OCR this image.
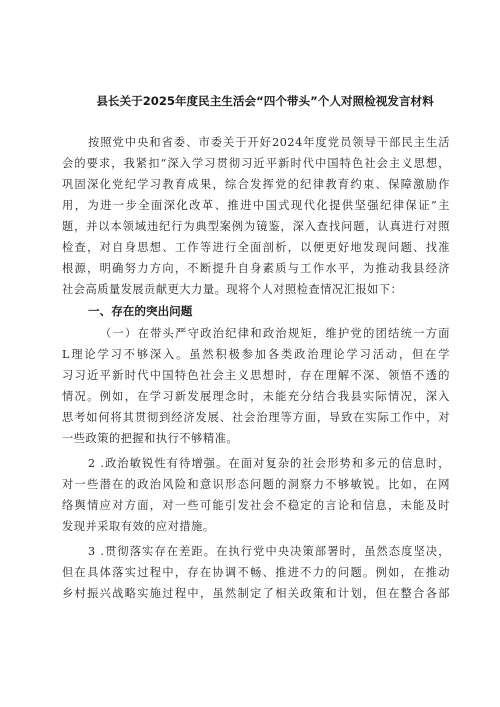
县长关于2025年度民主生活会“四个带头”个人对照检视发言材料
按照党中央和省委、市委关于开好2024年度党员领导干部民主生活
会的要求，我紧扣“深入学习贯彻习近平新时代中国特色社会主义思想，
巩固深化党纪学习教育成果，综合发挥党的纪律教育约束、保障激励作
用，为进一步全面深化改革、推进中国式现代化提供坚强纪律保证”主
题，并以本领域违纪行为典型案例为镜鉴，深入查找问题，认真进行对照
检查，对自身思想、工作等进行全面剖析，以便更好地发现问题、找准
根源，明确努力方向，不断提升自身素质与工作水平，为推动我县经济
社会高质量发展贡献更大力量。现将个人对照检查情况汇报如下：
一、存在的突出问题
（一）在带头严守政治纪律和政治规矩，维护党的团结统一方面
L理论学习不够深入。虽然积极参加各类政治理论学习活动，但在学
习习近平新时代中国特色社会主义思想时，存在理解不深、领悟不透的
情况。例如，在学习新发展理念时，未能充分结合我县实际情况，深入
思考如何将其贯彻到经济发展、社会治理等方面，导致在实际工作中，对
一些政策的把握和执行不够精准。
2 .政治敏锐性有待增强。在面对复杂的社会形势和多元的信息时，
对一些潜在的政治风险和意识形态问题的洞察力不够敏锐。比如，在网
络舆情应对方面，对一些可能引发社会不稳定的言论和信息，未能及时
发现并采取有效的应对措施。
3 .贯彻落实存在差距。在执行党中央决策部署时，虽然态度坚决，
但在具体落实过程中，存在协调不畅、推进不力的问题。例如，在推动
乡村振兴战略实施过程中，虽然制定了相关政策和计划，但在整合各部
